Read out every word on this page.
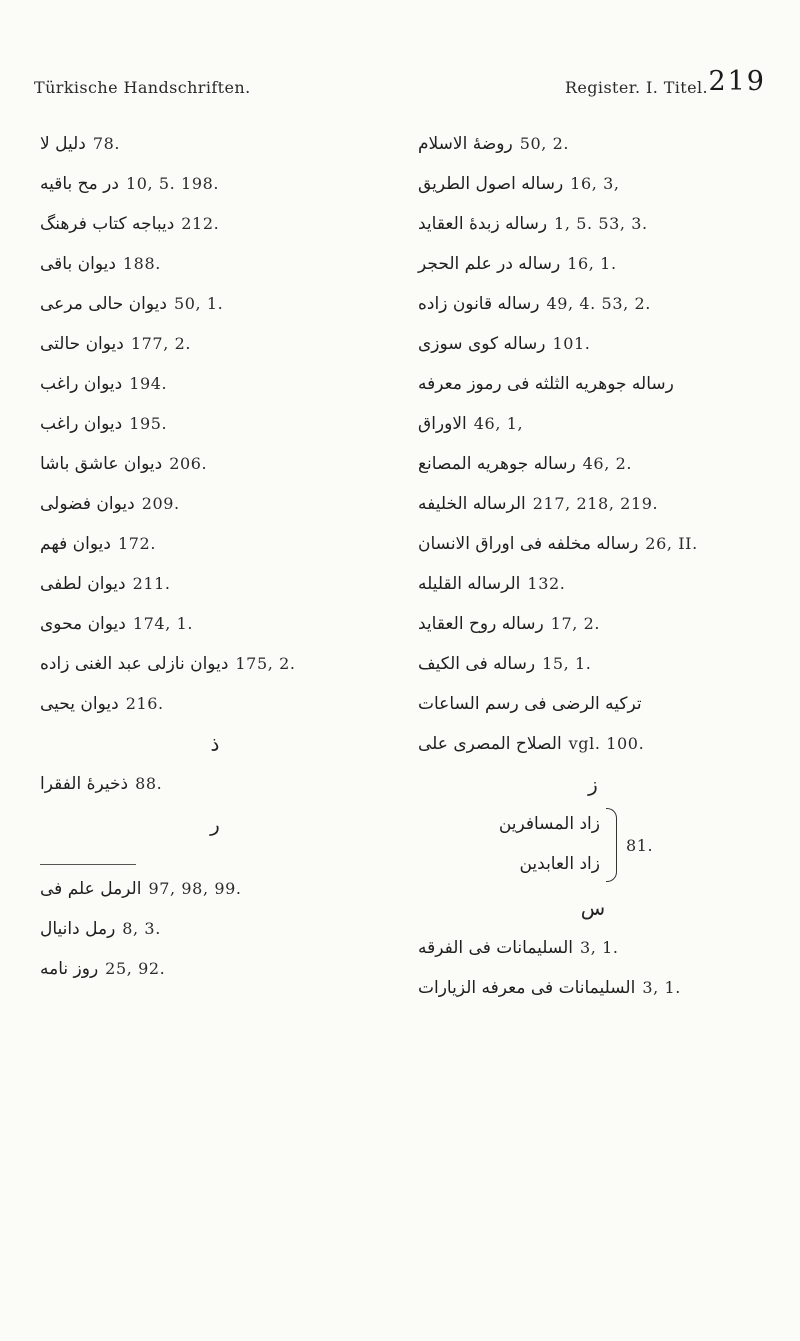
Türkische Handschriften.	Register. I. Titel. 219
دلیل لا 78.
در مح باقیه 10, 5. 198.
دیباجه کتاب فرهنگ 212.
دیوان باقی 188.
دیوان حالی مرعی 50, 1.
دیوان حالتی 177, 2.
دیوان راغب 194.
دیوان راغب 195.
دیوان عاشق باشا 206.
دیوان فضولی 209.
دیوان فهم 172.
دیوان لطفی 211.
دیوان محوی 174, 1.
دیوان نازلی عبد الغنی زاده 175, 2.
دیوان یحیی 216.
ذ
ذخیرهٔ الفقرا 88.
ر
الرمل علم فی 97, 98, 99.
رمل دانیال 8, 3.
روز نامه 25, 92.
روضهٔ الاسلام 50, 2.
رساله اصول الطریق 16, 3,
رساله زبدهٔ العقاید 1, 5. 53, 3.
رساله در علم الحجر 16, 1.
رساله قانون زاده 49, 4. 53, 2.
رساله کوی سوزی 101.
رساله جوهریه الثلثه فی رموز معرفه
الاوراق 46, 1,
رساله جوهریه المصانع 46, 2.
الرساله الخلیفه 217, 218, 219.
رساله مخلفه فی اوراق الانسان 26, II.
الرساله القلیله 132.
رساله روح العقاید 17, 2.
رساله فی الکیف 15, 1.
ترکیه الرضی فی رسم الساعات
الصلاح المصری علی vgl. 100.
ز
زاد المسافرین
زاد العابدین
81.
س
السلیمانات فی الفرقه 3, 1.
السلیمانات فی معرفه الزیارات 3, 1.
